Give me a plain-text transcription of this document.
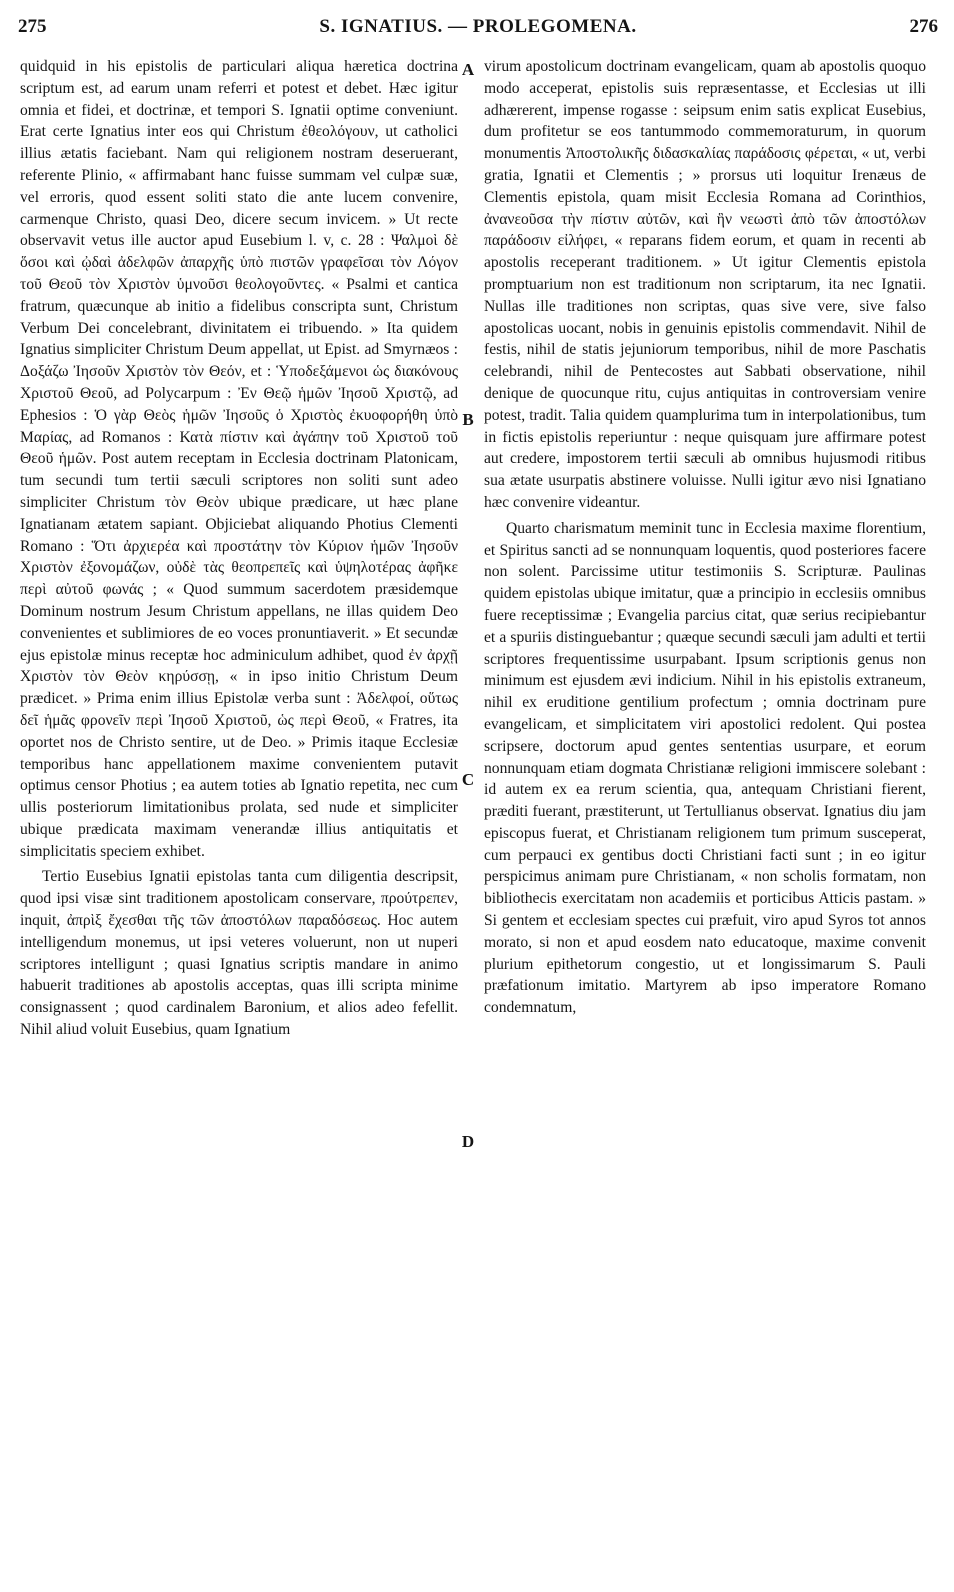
275	S. IGNATIUS. — PROLEGOMENA.	276

quidquid in his epistolis de particulari aliqua hæretica doctrina scriptum est, ad earum unam referri et potest et debet. Hæc igitur omnia et fidei, et doctrinæ, et tempori S. Ignatii optime conveniunt. Erat certe Ignatius inter eos qui Christum ἐθεολόγουν, ut catholici illius ætatis faciebant. Nam qui religionem nostram deseruerant, referente Plinio, « affirmabant hanc fuisse summam vel culpæ suæ, vel erroris, quod essent soliti stato die ante lucem convenire, carmenque Christo, quasi Deo, dicere secum invicem. » Ut recte observavit vetus ille auctor apud Eusebium l. v, c. 28 : Ψαλμοὶ δὲ ὅσοι καὶ ᾠδαὶ ἀδελφῶν ἀπαρχῆς ὑπὸ πιστῶν γραφεῖσαι τὸν Λόγον τοῦ Θεοῦ τὸν Χριστὸν ὑμνοῦσι θεολογοῦντες. « Psalmi et cantica fratrum, quæcunque ab initio a fidelibus conscripta sunt, Christum Verbum Dei concelebrant, divinitatem ei tribuendo. » Ita quidem Ignatius simpliciter Christum Deum appellat, ut Epist. ad Smyrnæos : Δοξάζω Ἰησοῦν Χριστὸν τὸν Θεόν, et : Ὑποδεξάμενοι ὡς διακόνους Χριστοῦ Θεοῦ, ad Polycarpum : Ἐν Θεῷ ἡμῶν Ἰησοῦ Χριστῷ, ad Ephesios : Ὁ γὰρ Θεὸς ἡμῶν Ἰησοῦς ὁ Χριστὸς ἐκυοφορήθη ὑπὸ Μαρίας, ad Romanos : Κατὰ πίστιν καὶ ἀγάπην τοῦ Χριστοῦ τοῦ Θεοῦ ἡμῶν. Post autem receptam in Ecclesia doctrinam Platonicam, tum secundi tum tertii sæculi scriptores non soliti sunt adeo simpliciter Christum τὸν Θεὸν ubique prædicare, ut hæc plane Ignatianam ætatem sapiant. Objiciebat aliquando Photius Clementi Romano : Ὅτι ἀρχιερέα καὶ προστάτην τὸν Κύριον ἡμῶν Ἰησοῦν Χριστὸν ἐξονομάζων, οὐδὲ τὰς θεοπρεπεῖς καὶ ὑψηλοτέρας ἀφῆκε περὶ αὐτοῦ φωνάς ; « Quod summum sacerdotem præsidemque Dominum nostrum Jesum Christum appellans, ne illas quidem Deo convenientes et sublimiores de eo voces pronuntiaverit. » Et secundæ ejus epistolæ minus receptæ hoc adminiculum adhibet, quod ἐν ἀρχῇ Χριστὸν τὸν Θεὸν κηρύσσῃ, « in ipso initio Christum Deum prædicet. » Prima enim illius Epistolæ verba sunt : Ἀδελφοί, οὕτως δεῖ ἡμᾶς φρονεῖν περὶ Ἰησοῦ Χριστοῦ, ὡς περὶ Θεοῦ, « Fratres, ita oportet nos de Christo sentire, ut de Deo. » Primis itaque Ecclesiæ temporibus hanc appellationem maxime convenientem putavit optimus censor Photius ; ea autem toties ab Ignatio repetita, nec cum ullis posteriorum limitationibus prolata, sed nude et simpliciter ubique prædicata maximam venerandæ illius antiquitatis et simplicitatis speciem exhibet.

Tertio Eusebius Ignatii epistolas tanta cum diligentia descripsit, quod ipsi visæ sint traditionem apostolicam conservare, προύτρεπεν, inquit, ἀπρὶξ ἔχεσθαι τῆς τῶν ἀποστόλων παραδόσεως. Hoc autem intelligendum monemus, ut ipsi veteres voluerunt, non ut nuperi scriptores intelligunt ; quasi Ignatius scriptis mandare in animo habuerit traditiones ab apostolis acceptas, quas illi scripta minime consignassent ; quod cardinalem Baronium, et alios adeo fefellit. Nihil aliud voluit Eusebius, quam Ignatium

A
B
C
D

virum apostolicum doctrinam evangelicam, quam ab apostolis quoquo modo acceperat, epistolis suis repræsentasse, et Ecclesias ut illi adhærerent, impense rogasse : seipsum enim satis explicat Eusebius, dum profitetur se eos tantummodo commemoraturum, in quorum monumentis Ἀποστολικῆς διδασκαλίας παράδοσις φέρεται, « ut, verbi gratia, Ignatii et Clementis ; » prorsus uti loquitur Irenæus de Clementis epistola, quam misit Ecclesia Romana ad Corinthios, ἀνανεοῦσα τὴν πίστιν αὐτῶν, καὶ ἣν νεωστὶ ἀπὸ τῶν ἀποστόλων παράδοσιν εἰλήφει, « reparans fidem eorum, et quam in recenti ab apostolis receperant traditionem. » Ut igitur Clementis epistola promptuarium non est traditionum non scriptarum, ita nec Ignatii. Nullas ille traditiones non scriptas, quas sive vere, sive falso apostolicas uocant, nobis in genuinis epistolis commendavit. Nihil de festis, nihil de statis jejuniorum temporibus, nihil de more Paschatis celebrandi, nihil de Pentecostes aut Sabbati observatione, nihil denique de quocunque ritu, cujus antiquitas in controversiam venire potest, tradit. Talia quidem quamplurima tum in interpolationibus, tum in fictis epistolis reperiuntur : neque quisquam jure affirmare potest aut credere, impostorem tertii sæculi ab omnibus hujusmodi ritibus sua ætate usurpatis abstinere voluisse. Nulli igitur ævo nisi Ignatiano hæc convenire videantur.

Quarto charismatum meminit tunc in Ecclesia maxime florentium, et Spiritus sancti ad se nonnunquam loquentis, quod posteriores facere non solent. Parcissime utitur testimoniis S. Scripturæ. Paulinas quidem epistolas ubique imitatur, quæ a principio in ecclesiis omnibus fuere receptissimæ ; Evangelia parcius citat, quæ serius recipiebantur et a spuriis distinguebantur ; quæque secundi sæculi jam adulti et tertii scriptores frequentissime usurpabant. Ipsum scriptionis genus non minimum est ejusdem ævi indicium. Nihil in his epistolis extraneum, nihil ex eruditione gentilium profectum ; omnia doctrinam pure evangelicam, et simplicitatem viri apostolici redolent. Qui postea scripsere, doctorum apud gentes sententias usurpare, et eorum nonnunquam etiam dogmata Christianæ religioni immiscere solebant : id autem ex ea rerum scientia, qua, antequam Christiani fierent, præditi fuerant, præstiterunt, ut Tertullianus observat. Ignatius diu jam episcopus fuerat, et Christianam religionem tum primum susceperat, cum perpauci ex gentibus docti Christiani facti sunt ; in eo igitur perspicimus animam pure Christianam, « non scholis formatam, non bibliothecis exercitatam non academiis et porticibus Atticis pastam. » Si gentem et ecclesiam spectes cui præfuit, viro apud Syros tot annos morato, si non et apud eosdem nato educatoque, maxime convenit plurium epithetorum congestio, ut et longissimarum S. Pauli præfationum imitatio. Martyrem ab ipso imperatore Romano condemnatum,
